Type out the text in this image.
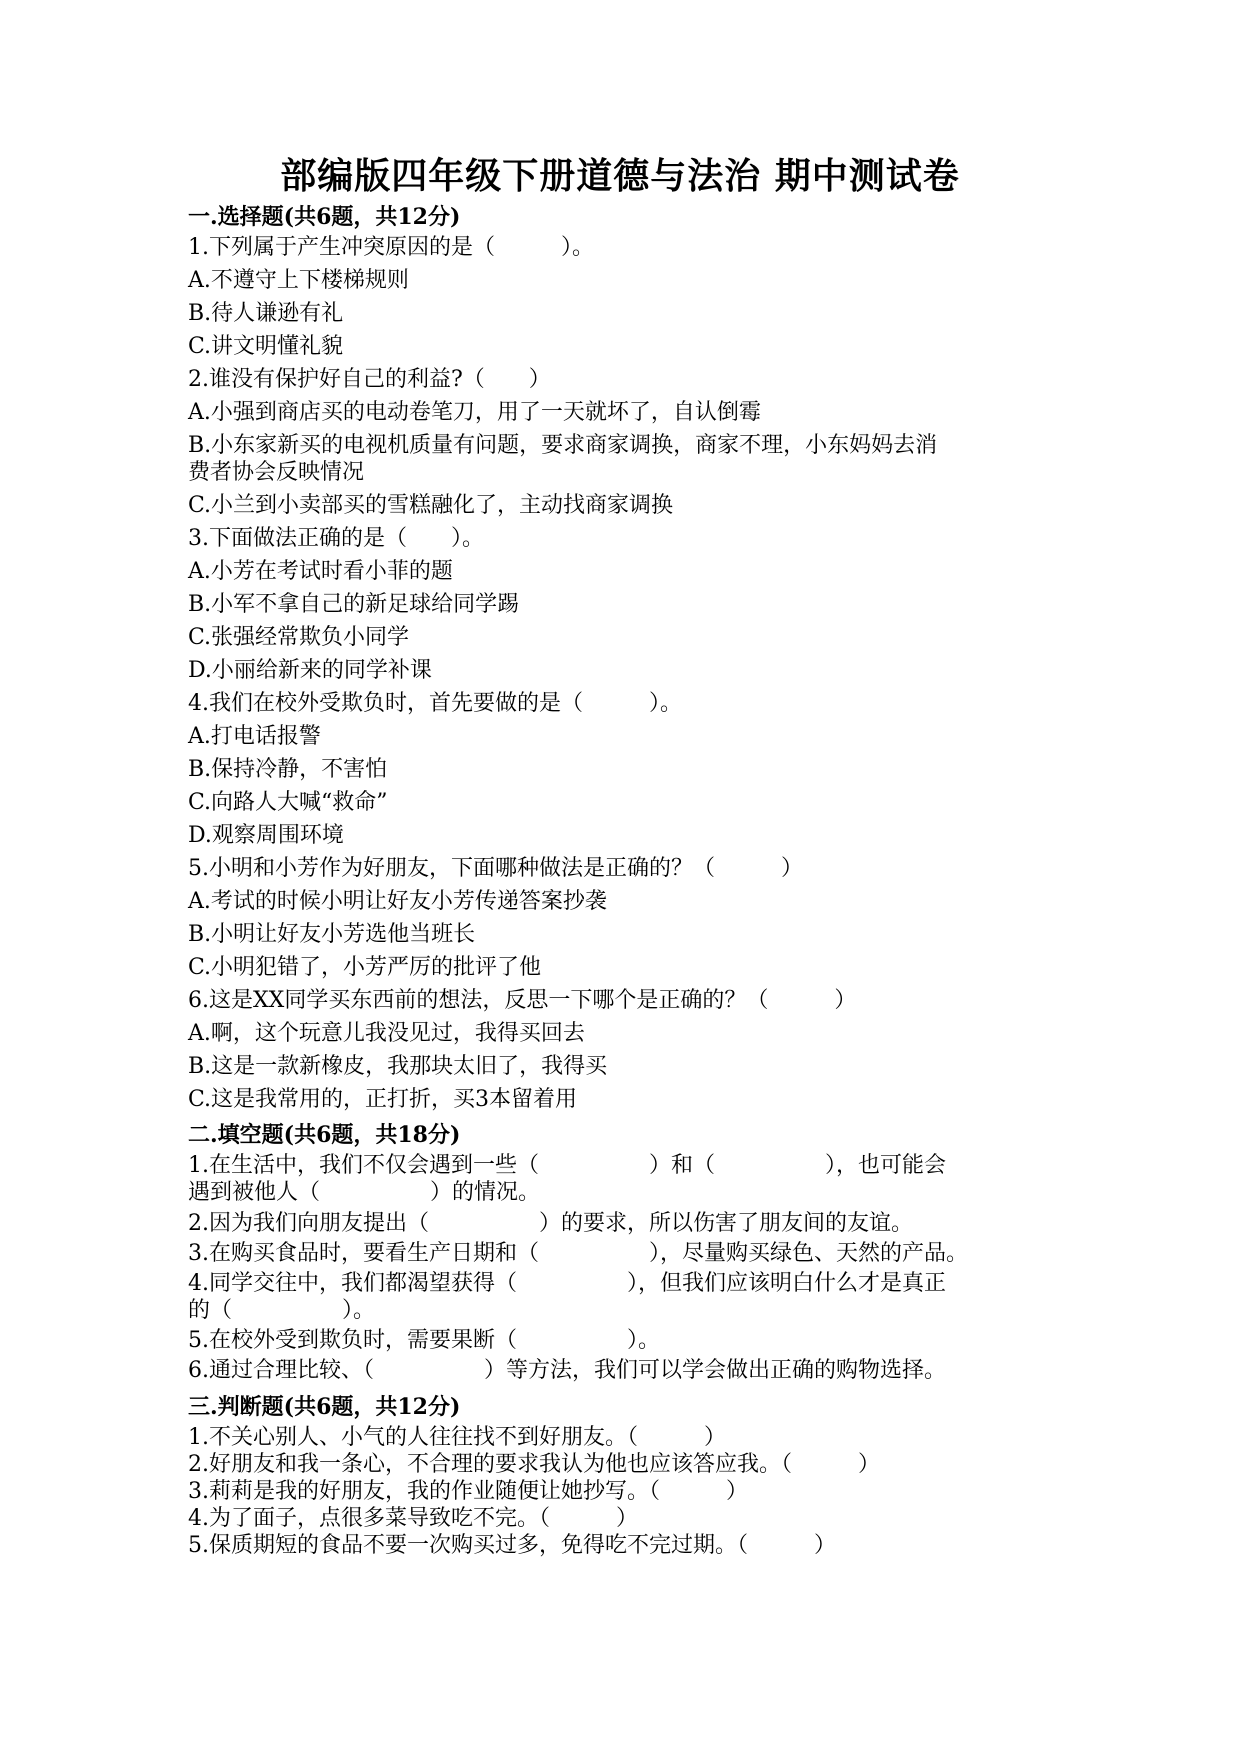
部编版四年级下册道德与法治 期中测试卷
一.选择题(共6题，共12分)
1.下列属于产生冲突原因的是（　　　）。
A.不遵守上下楼梯规则
B.待人谦逊有礼
C.讲文明懂礼貌
2.谁没有保护好自己的利益?（　　）
A.小强到商店买的电动卷笔刀，用了一天就坏了，自认倒霉
B.小东家新买的电视机质量有问题，要求商家调换，商家不理，小东妈妈去消
费者协会反映情况
C.小兰到小卖部买的雪糕融化了，主动找商家调换
3.下面做法正确的是（　　）。
A.小芳在考试时看小菲的题
B.小军不拿自己的新足球给同学踢
C.张强经常欺负小同学
D.小丽给新来的同学补课
4.我们在校外受欺负时，首先要做的是（　　　）。
A.打电话报警
B.保持冷静，不害怕
C.向路人大喊“救命”
D.观察周围环境
5.小明和小芳作为好朋友，下面哪种做法是正确的？（　　　）
A.考试的时候小明让好友小芳传递答案抄袭
B.小明让好友小芳选他当班长
C.小明犯错了，小芳严厉的批评了他
6.这是XX同学买东西前的想法，反思一下哪个是正确的？（　　　）
A.啊，这个玩意儿我没见过，我得买回去
B.这是一款新橡皮，我那块太旧了，我得买
C.这是我常用的，正打折，买3本留着用
二.填空题(共6题，共18分)
1.在生活中，我们不仅会遇到一些（　　　　　）和（　　　　　），也可能会
遇到被他人（　　　　　）的情况。
2.因为我们向朋友提出（　　　　　）的要求，所以伤害了朋友间的友谊。
3.在购买食品时，要看生产日期和（　　　　　），尽量购买绿色、天然的产品。
4.同学交往中，我们都渴望获得（　　　　　），但我们应该明白什么才是真正
的（　　　　　）。
5.在校外受到欺负时，需要果断（　　　　　）。
6.通过合理比较、（　　　　　）等方法，我们可以学会做出正确的购物选择。
三.判断题(共6题，共12分)
1.不关心别人、小气的人往往找不到好朋友。（　　　）
2.好朋友和我一条心，不合理的要求我认为他也应该答应我。（　　　）
3.莉莉是我的好朋友，我的作业随便让她抄写。（　　　）
4.为了面子，点很多菜导致吃不完。（　　　）
5.保质期短的食品不要一次购买过多，免得吃不完过期。（　　　）
